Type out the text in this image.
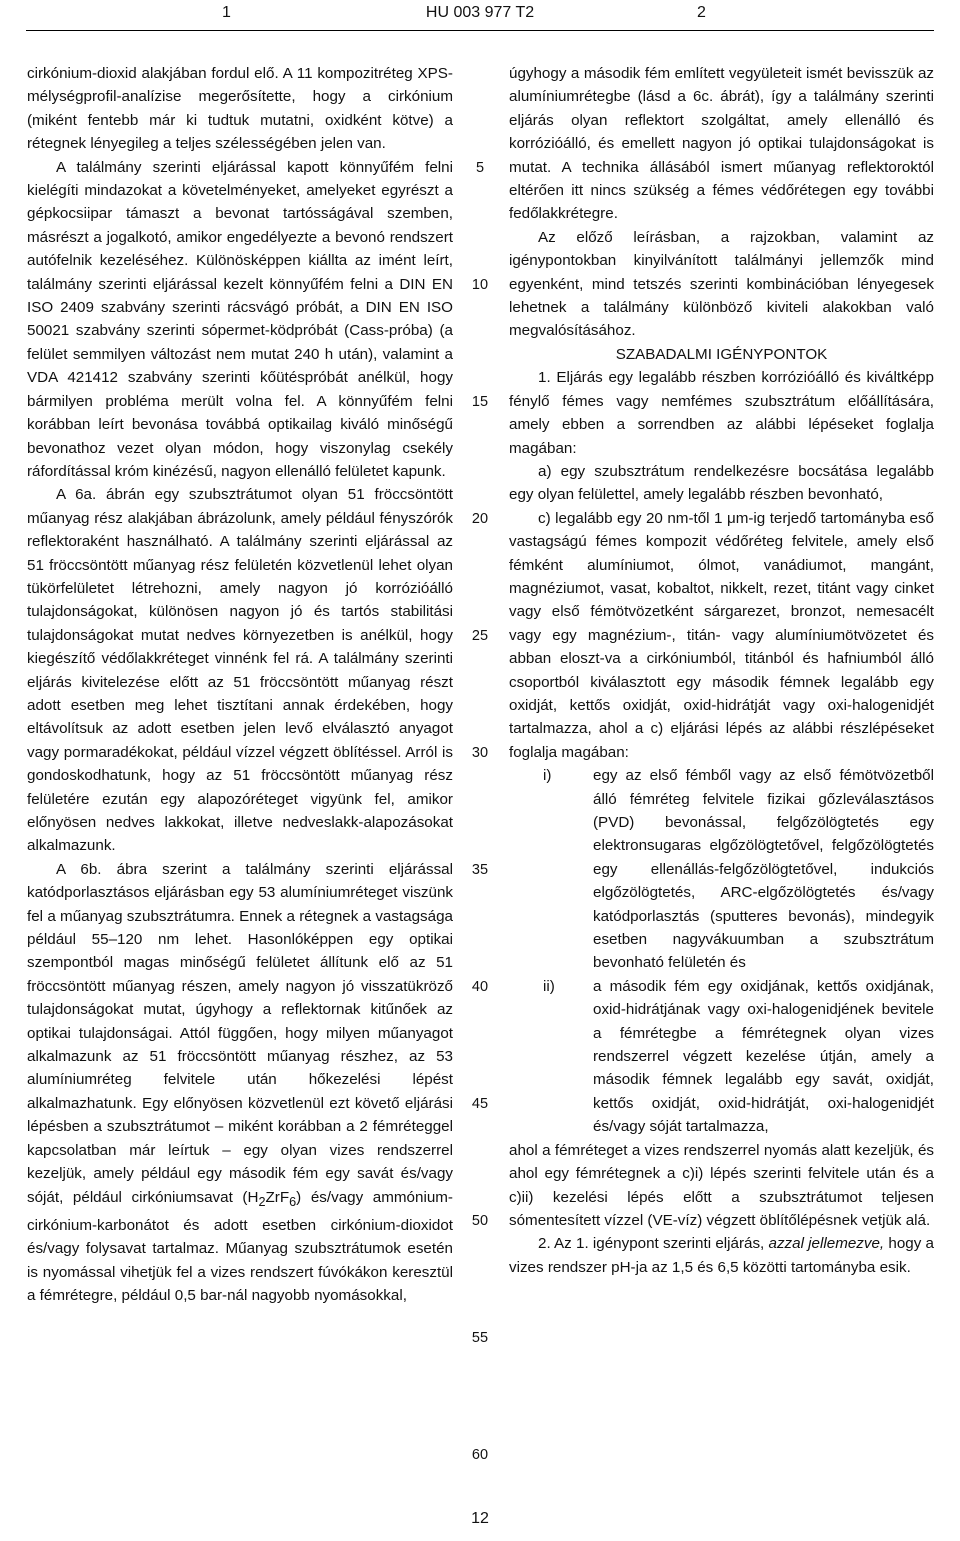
1	HU 003 977 T2	2

cirkónium-dioxid alakjában fordul elő. A 11 kompozitréteg XPS-mélységprofil-analízise megerősítette, hogy a cirkónium (miként fentebb már ki tudtuk mutatni, oxidként kötve) a rétegnek lényegileg a teljes szélességében jelen van.

A találmány szerinti eljárással kapott könnyűfém felni kielégíti mindazokat a követelményeket, amelyeket egyrészt a gépkocsiipar támaszt a bevonat tartósságával szemben, másrészt a jogalkotó, amikor engedélyezte a bevonó rendszert autófelnik kezeléséhez. Különösképpen kiállta az imént leírt, találmány szerinti eljárással kezelt könnyűfém felni a DIN EN ISO 2409 szabvány szerinti rácsvágó próbát, a DIN EN ISO 50021 szabvány szerinti sópermet-ködpróbát (Cass-próba) (a felület semmilyen változást nem mutat 240 h után), valamint a VDA 421412 szabvány szerinti kőütéspróbát anélkül, hogy bármilyen probléma merült volna fel. A könnyűfém felni korábban leírt bevonása továbbá optikailag kiváló minőségű bevonathoz vezet olyan módon, hogy viszonylag csekély ráfordítással króm kinézésű, nagyon ellenálló felületet kapunk.

A 6a. ábrán egy szubsztrátumot olyan 51 fröccsöntött műanyag rész alakjában ábrázolunk, amely például fényszórók reflektoraként használható. A találmány szerinti eljárással az 51 fröccsöntött műanyag rész felületén közvetlenül lehet olyan tükörfelületet létrehozni, amely nagyon jó korrózióálló tulajdonságokat, különösen nagyon jó és tartós stabilitási tulajdonságokat mutat nedves környezetben is anélkül, hogy kiegészítő védőlakkréteget vinnénk fel rá. A találmány szerinti eljárás kivitelezése előtt az 51 fröccsöntött műanyag részt adott esetben meg lehet tisztítani annak érdekében, hogy eltávolítsuk az adott esetben jelen levő elválasztó anyagot vagy pormaradékokat, például vízzel végzett öblítéssel. Arról is gondoskodhatunk, hogy az 51 fröccsöntött műanyag rész felületére ezután egy alapozóréteget vigyünk fel, amikor előnyösen nedves lakkokat, illetve nedveslakk-alapozásokat alkalmazunk.

A 6b. ábra szerint a találmány szerinti eljárással katódporlasztásos eljárásban egy 53 alumíniumréteget viszünk fel a műanyag szubsztrátumra. Ennek a rétegnek a vastagsága például 55–120 nm lehet. Hasonlóképpen egy optikai szempontból magas minőségű felületet állítunk elő az 51 fröccsöntött műanyag részen, amely nagyon jó visszatükröző tulajdonságokat mutat, úgyhogy a reflektornak kitűnőek az optikai tulajdonságai. Attól függően, hogy milyen műanyagot alkalmazunk az 51 fröccsöntött műanyag részhez, az 53 alumíniumréteg felvitele után hőkezelési lépést alkalmazhatunk. Egy előnyösen közvetlenül ezt követő eljárási lépésben a szubsztrátumot – miként korábban a 2 fémréteggel kapcsolatban már leírtuk – egy olyan vizes rendszerrel kezeljük, amely például egy második fém egy savát és/vagy sóját, például cirkóniumsavat $(H_2ZrF_6)$ és/vagy ammónium-cirkónium-karbonátot és adott esetben cirkónium-dioxidot és/vagy folysavat tartalmaz. Műanyag szubsztrátumok esetén is nyomással vihetjük fel a vizes rendszert fúvókákon keresztül a fémrétegre, például 0,5 bar-nál nagyobb nyomásokkal,

5
10
15
20
25
30
35
40
45
50
55
60

úgyhogy a második fém említett vegyületeit ismét bevisszük az alumíniumrétegbe (lásd a 6c. ábrát), így a találmány szerinti eljárás olyan reflektort szolgáltat, amely ellenálló és korrózióálló, és emellett nagyon jó optikai tulajdonságokat is mutat. A technika állásából ismert műanyag reflektoroktól eltérően itt nincs szükség a fémes védőrétegen egy további fedőlakkrétegre.

Az előző leírásban, a rajzokban, valamint az igénypontokban kinyilvánított találmányi jellemzők mind egyenként, mind tetszés szerinti kombinációban lényegesek lehetnek a találmány különböző kiviteli alakokban való megvalósításához.

SZABADALMI IGÉNYPONTOK

1. Eljárás egy legalább részben korrózióálló és kiváltképp fénylő fémes vagy nemfémes szubsztrátum előállítására, amely ebben a sorrendben az alábbi lépéseket foglalja magában:

a) egy szubsztrátum rendelkezésre bocsátása legalább egy olyan felülettel, amely legalább részben bevonható,

c) legalább egy 20 nm-től 1 μm-ig terjedő tartományba eső vastagságú fémes kompozit védőréteg felvitele, amely első fémként alumíniumot, ólmot, vanádiumot, mangánt, magnéziumot, vasat, kobaltot, nikkelt, rezet, titánt vagy cinket vagy első fémötvözetként sárgarezet, bronzot, nemesacélt vagy egy magnézium-, titán- vagy alumíniumötvözetet és abban eloszt-va a cirkóniumból, titánból és hafniumból álló csoportból kiválasztott egy második fémnek legalább egy oxidját, kettős oxidját, oxid-hidrátját vagy oxi-halogenidjét tartalmazza, ahol a c) eljárási lépés az alábbi részlépéseket foglalja magában:

i)	egy az első fémből vagy az első fémötvözetből álló fémréteg felvitele fizikai gőzleválasztásos (PVD) bevonással, felgőzölögtetés egy elektronsugaras elgőzölögtetővel, felgőzölögtetés egy ellenállás-felgőzölögtetővel, indukciós elgőzölögtetés, ARC-elgőzölögtetés és/vagy katódporlasztás (sputteres bevonás), mindegyik esetben nagyvákuumban a szubsztrátum bevonható felületén és
ii)	a második fém egy oxidjának, kettős oxidjának, oxid-hidrátjának vagy oxi-halogenidjének bevitele a fémrétegbe a fémrétegnek olyan vizes rendszerrel végzett kezelése útján, amely a második fémnek legalább egy savát, oxidját, kettős oxidját, oxid-hidrátját, oxi-halogenidjét és/vagy sóját tartalmazza,

ahol a fémréteget a vizes rendszerrel nyomás alatt kezeljük, és ahol egy fémrétegnek a c)i) lépés szerinti felvitele után és a c)ii) kezelési lépés előtt a szubsztrátumot teljesen sómentesített vízzel (VE-víz) végzett öblítőlépésnek vetjük alá.

2. Az 1. igénypont szerinti eljárás, azzal jellemezve, hogy a vizes rendszer pH-ja az 1,5 és 6,5 közötti tartományba esik.

12
